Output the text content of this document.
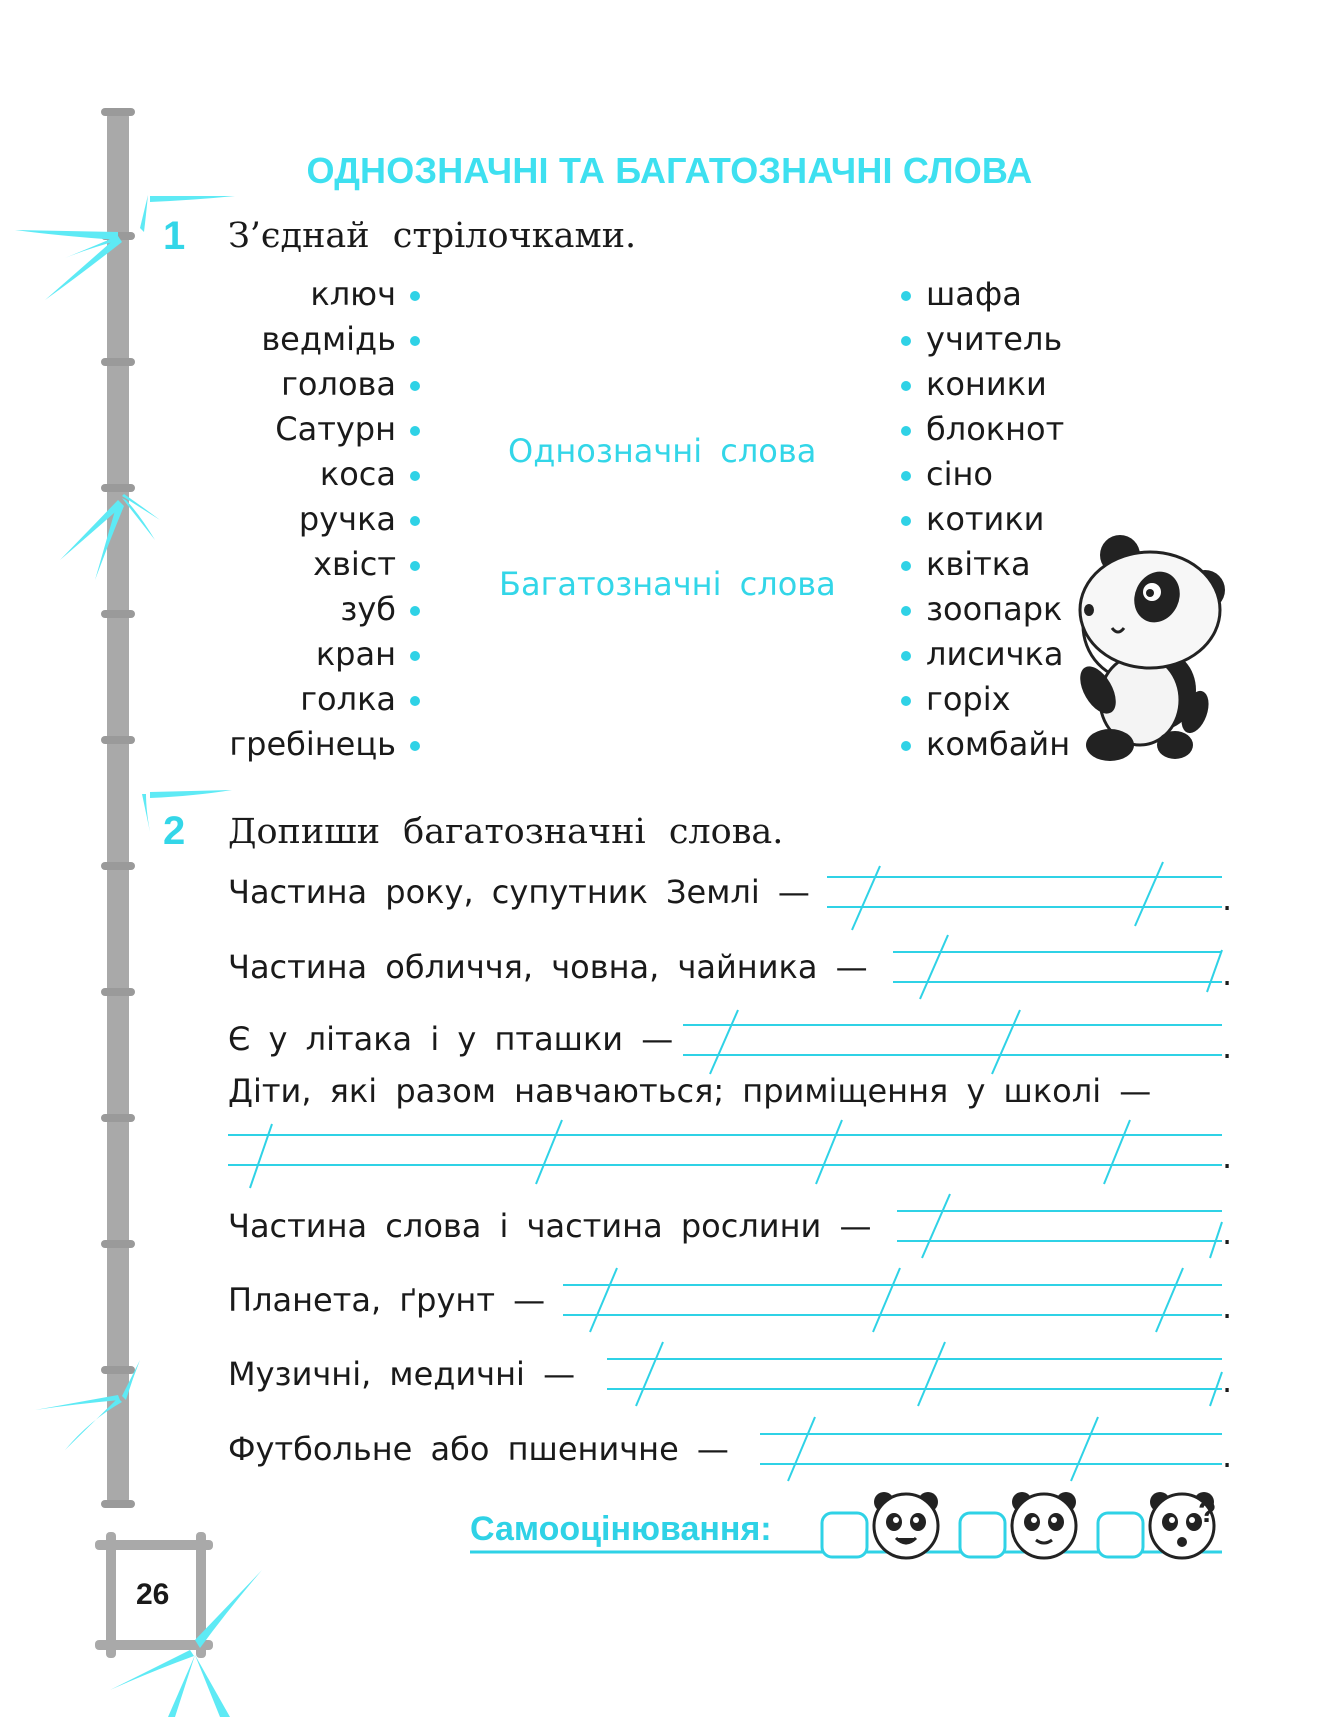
?
ОДНОЗНАЧНІ ТА БАГАТОЗНАЧНІ СЛОВА
1 З’єднай стрілочками.
ключ
ведмідь
голова
Сатурн
коса
ручка
хвіст
зуб
кран
голка
гребінець
Однозначні слова
Багатозначні слова
шафа
учитель
коники
блокнот
сіно
котики
квітка
зоопарк
лисичка
горіх
комбайн
2 Допиши багатозначні слова.
Частина року, супутник Землі —
Частина обличчя, човна, чайника —
Є у літака і у пташки —
Діти, які разом навчаються; приміщення у школі —
Частина слова і частина рослини —
Планета, ґрунт —
Музичні, медичні —
Футбольне або пшеничне —
.
.
.
.
.
.
.
.
Самооцінювання:
26
